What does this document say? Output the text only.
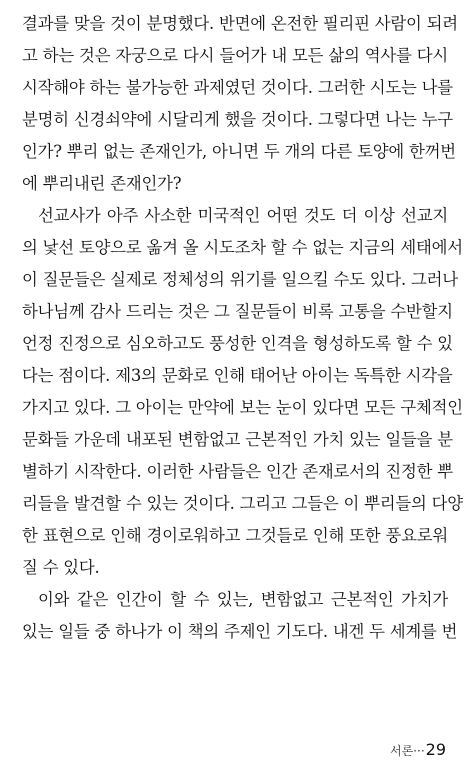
결과를 맞을 것이 분명했다. 반면에 온전한 필리핀 사람이 되려
고 하는 것은 자궁으로 다시 들어가 내 모든 삶의 역사를 다시
시작해야 하는 불가능한 과제였던 것이다. 그러한 시도는 나를
분명히 신경쇠약에 시달리게 했을 것이다. 그렇다면 나는 누구
인가? 뿌리 없는 존재인가, 아니면 두 개의 다른 토양에 한꺼번
에 뿌리내린 존재인가?
선교사가 아주 사소한 미국적인 어떤 것도 더 이상 선교지
의 낯선 토양으로 옮겨 올 시도조차 할 수 없는 지금의 세태에서
이 질문들은 실제로 정체성의 위기를 일으킬 수도 있다. 그러나
하나님께 감사 드리는 것은 그 질문들이 비록 고통을 수반할지
언정 진정으로 심오하고도 풍성한 인격을 형성하도록 할 수 있
다는 점이다. 제3의 문화로 인해 태어난 아이는 독특한 시각을
가지고 있다. 그 아이는 만약에 보는 눈이 있다면 모든 구체적인
문화들 가운데 내포된 변함없고 근본적인 가치 있는 일들을 분
별하기 시작한다. 이러한 사람들은 인간 존재로서의 진정한 뿌
리들을 발견할 수 있는 것이다. 그리고 그들은 이 뿌리들의 다양
한 표현으로 인해 경이로워하고 그것들로 인해 또한 풍요로워
질 수 있다.
이와 같은 인간이 할 수 있는, 변함없고 근본적인 가치가
있는 일들 중 하나가 이 책의 주제인 기도다. 내겐 두 세계를 번
서론···29
